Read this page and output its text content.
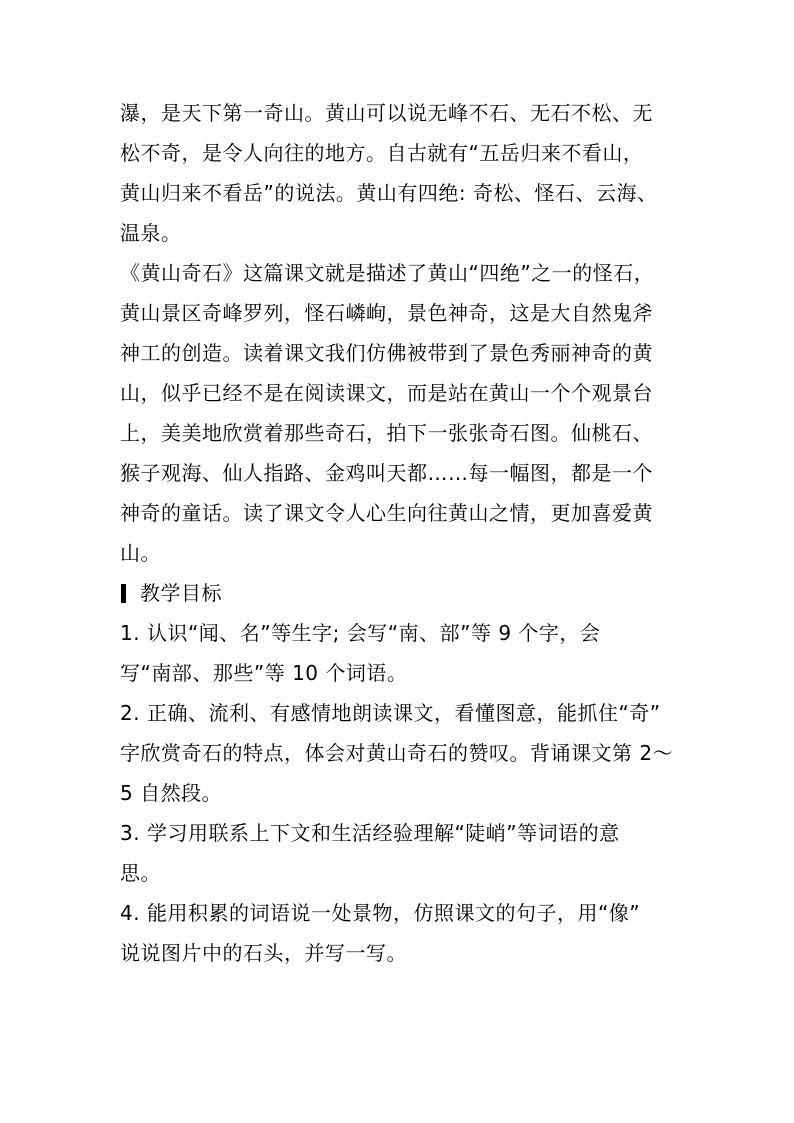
瀑，是天下第一奇山。黄山可以说无峰不石、无石不松、无
松不奇，是令人向往的地方。自古就有“五岳归来不看山，
黄山归来不看岳”的说法。黄山有四绝: 奇松、怪石、云海、
温泉。
《黄山奇石》这篇课文就是描述了黄山“四绝”之一的怪石，
黄山景区奇峰罗列，怪石嶙峋，景色神奇，这是大自然鬼斧
神工的创造。读着课文我们仿佛被带到了景色秀丽神奇的黄
山，似乎已经不是在阅读课文，而是站在黄山一个个观景台
上，美美地欣赏着那些奇石，拍下一张张奇石图。仙桃石、
猴子观海、仙人指路、金鸡叫天都……每一幅图，都是一个
神奇的童话。读了课文令人心生向往黄山之情，更加喜爱黄
山。
教学目标
1. 认识“闻、名”等生字; 会写“南、部”等 9 个字，会
写“南部、那些”等 10 个词语。
2. 正确、流利、有感情地朗读课文，看懂图意，能抓住“奇”
字欣赏奇石的特点，体会对黄山奇石的赞叹。背诵课文第 2～
5 自然段。
3. 学习用联系上下文和生活经验理解“陡峭”等词语的意
思。
4. 能用积累的词语说一处景物，仿照课文的句子，用“像”
说说图片中的石头，并写一写。
